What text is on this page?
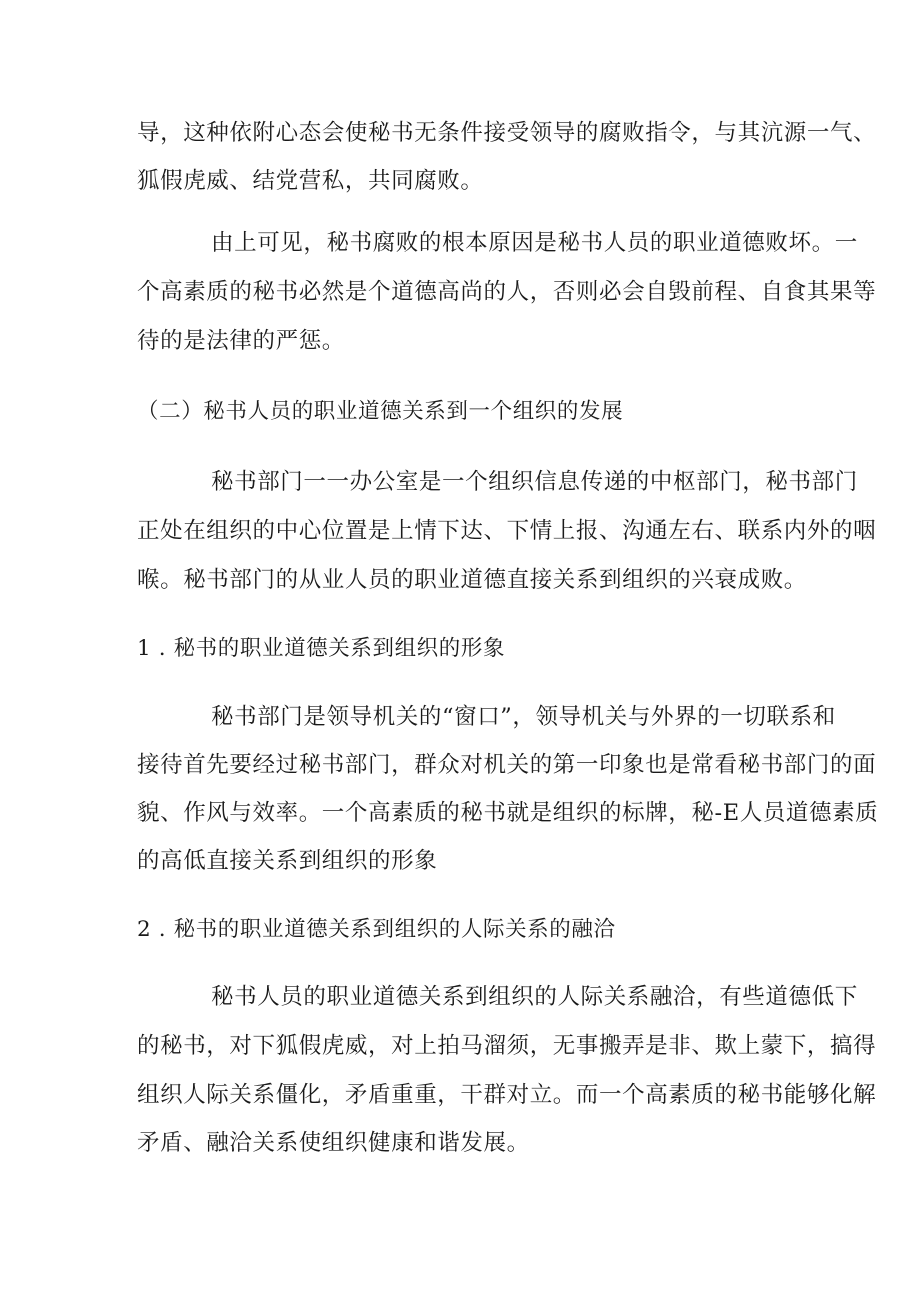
导，这种依附心态会使秘书无条件接受领导的腐败指令，与其沆源一气、
狐假虎威、结党营私，共同腐败。
由上可见，秘书腐败的根本原因是秘书人员的职业道德败坏。一
个高素质的秘书必然是个道德高尚的人，否则必会自毁前程、自食其果等
待的是法律的严惩。
（二）秘书人员的职业道德关系到一个组织的发展
秘书部门一一办公室是一个组织信息传递的中枢部门，秘书部门
正处在组织的中心位置是上情下达、下情上报、沟通左右、联系内外的咽
喉。秘书部门的从业人员的职业道德直接关系到组织的兴衰成败。
1 . 秘书的职业道德关系到组织的形象
秘书部门是领导机关的“窗口”，领导机关与外界的一切联系和
接待首先要经过秘书部门，群众对机关的第一印象也是常看秘书部门的面
貌、作风与效率。一个高素质的秘书就是组织的标牌，秘-E人员道德素质
的高低直接关系到组织的形象
2 . 秘书的职业道德关系到组织的人际关系的融洽
秘书人员的职业道德关系到组织的人际关系融洽，有些道德低下
的秘书，对下狐假虎威，对上拍马溜须，无事搬弄是非、欺上蒙下，搞得
组织人际关系僵化，矛盾重重，干群对立。而一个高素质的秘书能够化解
矛盾、融洽关系使组织健康和谐发展。
